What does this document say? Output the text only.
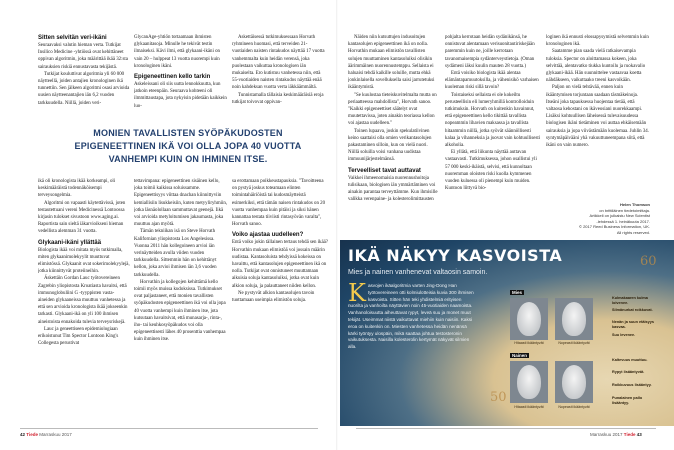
Sitten selvitän veri-ikäni

Seuraavaksi valutin hieman verta. Tutkijat Insilico Medicine -yhtiössä ovat kehittäneet oppivan algoritmin, joka määrittää ikää 32:sta sairauksien riskiä ennustavasta tekijästä.

Tutkijat kouluttivat algoritmia yli 60 000 näytteellä, joiden antajien kronologinen ikä tunnettiin. Sen jälkeen algoritmi osasi arvioida uusien näytteenantajien iän 6,2 vuoden tarkkuudella. Niillä, joiden veri-

GlycanAge-yhtiön tortaamaan ihmisten glykaanitasoja. Minulle he tekivät testin ilmaiseksi. Kävi ilmi, että glykaani-ikäni on vain 20 – hulppeat 13 vuotta nuorempi kuin kronologinen ikäni.

Epigeneettinen kello tarkin

Askeleissani oli siis uutta lennokkuutta, kun jatkoin eteenpäin. Seuraava kohteeni oli ilmmittaustapa, jota nykyisin pidetään kaikkein luo-

Äskettäisessä tutkimuksessaan Horvath ryhmineen huomasi, että terveiden 21-vuotiaiden naisten rintakudos näyttää 17 vuotta vanhemmalta kuin heidän verensä, joka puolestaan vaikuttaa kronologisen iän mukaiselta. Ero kutistuu vanhetessa niin, että 55-vuotiaiden naisten rintakudos näyttää enää noin kahdeksan vuotta verta iäkkäämmältä.

Tunnistamalla tällaisia keskimääräisiä eroja tutkijat toivovat oppivan-

MONIEN TAVALLISTEN SYÖPÄKUDOSTEN
EPIGENEETTINEN IKÄ VOI OLLA JOPA 40 VUOTTA
VANHEMPI KUIN ON IHMINEN ITSE.

ikä oli kronologista ikää korkeampi, oli keskimääräistä todennäköisempi terveysongelmia.

Algoritmi on vapaasti käytettävissä, joten testautettuani vereni Medicinessä Lontoossa kirjasin tulokset sivustoon www.aging.ai. Raportista sain sieltä iäkarvioikseni hieman vedellista alemman 31 vuotta.

Glykaani-ikäni yllättää

Biologista ikää voi mitata myös tutkimalla, miten glykaanimolekyylit muuttuvat elimistössä. Glykaanit ovat sokerimolekyylejä, jotka kiinnittyvät proteiineihin.

Äskettäin Gordan Lauc työtovereineen Zagrebin yliopistosta Kroatiasta havaitsi, että immunoglobuliini G -tyyppisten vasta-aineiden glykaaneissa muuttuu vanhetessa ja että sen arvioida kronologista ikää jokseenkin tarkasti. Glykaani-ikä on yli 100 ihmisen aineistoista ennakoida tulevia terveysriskejä.

Lauc ja geneettiseen epidemiologiaan erikoistunut Tim Spector Lontoon King's Collegesta perustivat

tettavimpana: epigeneettinen sisäinen kello, joka toimii kaikissa soluissamme. Epigeneettisyys viittaa dnachan kiinnittyviin kemiallisiin lisukkeisiin, kuten metyyliryhmiin, jotka läsnäolollaan sammuttavat geenejä. Iikä voi arvioida metyloitumisen jakaumasta, joka muuttuu ajan myötä.

Tämän tekniikan isä on Steve Horvath Kalifornian yliopistosta Los Angelesissa. Vuonna 2011 hän kollegoineen arvioi iän verinäytteiden avulla viiden vuoden tarkkuudella. Sittemmin hän on kehittänyt kellon, joka arvioi ihmisen iän 3,6 vuoden tarkkuudella.

Horvathin ja kollegojen kehittämä kello toimii myös muissa kudoksissa. Tutkimukset ovat paljastaneet, että monien tavallisten syöpäkudosten epigeneettinen ikä voi olla jopa 40 vuotta vanhempi kuin ihminen itse, jota kutsutaan havaitsivat, että munasarja-, rinta-, iho- tai keuhkosyöpäkudos voi olla epigeneettisesti lähes 40 prosenttia vanhempaa kuin ihminen itse.

sa erottamaan poikkeustapauksia. "Tavoitteena on pystyä joskus toteamaan elinten toimintahäiriöistä tai kudosmäytteistä esimerkiksi, että tämän naisen rintakudos on 20 vuotta vanhempaa kuin pitäisi ja siksi hänen kannattaa testata tiiviisti rintasyövän varalta", Horvath sanoo.

Voiko ajastaa uudelleen?

Entä voiko jokin tällainen tertaus tehdä sen ikää? Horvathin mukaan elimistöä voi jossain määrin uudistaa. Kantasoluista tehdyissä kokeissa on havaittu, että kantasolujen epigeneettinen ikä on nolla. Tutkijat ovat onnistuneet muuttamaan aikuisia soluja kantasoluiksi, jotka ovat kuin alkion soluja, ja palauttaneet niiden kellon.

Ne pystyvät alkion kantasolujen tavoin tuottamaan useimpia elimistön soluja.

Näiden niin kutsuttujen indusoitujen kantasolujen epigeneettinen ikä on nolla. Horvathin mukaan elimistön tavallisten solujen muuttaminen kantasoluiksi olisikin äärimmäinen nuorennustemppu. Sellaista ei haluaisi tehdä kaikille soluille, mutta ehkä jonkinlaisella sovelluksella saisi jarrutetuksi ikääntymistä.

"Se kuulostaa tieteiskuvitelmalta mutta on periaatteessa mahdollista", Horvath sanoo. "Kaikki epigeneettiset säätelyt ovat muutettavissa, joten ainakin teoriassa kellon voi ajastaa uudelleen."

Toinen lupaava, joskin spekulatiivinen keino saattaisi olla omien verikantasolujen pakastaminen silloin, kun on vielä nuori. Niillä soluilla voisi vanhana uudistaa immuunijärjestelmänsä.

Terveelliset tavat auttavat

Vaikkei ihmeenomaisia nuorennushoitoja tulisikaan, biologisen iän ymmärtäminen voi ainakin parantaa terveyttämme. Kun ihmisille valikka verenpaine- ja kolesterolimittausten

pohjalta kerrotaan heidän sydänikänsä, he onnistuvat alentamaan verisuonitautiriskejään paremmin kuin ne, joille kerrotaan tavanomaisempia sydänterveystietoja. (Oman sydämeni iäksi kuulin mauten 28 vuotta.)

Entä voisiko biologista ikää alentaa elämäntapamuutoksilla, ja vähenisikö varhaisen kuoleman riski sillä tavoin?

Toistaiseksi sellaista ei ole kokeiltu perusteellisin eli lumeryhmillä kontrolloiduin tutkimuksin. Horvath on kuitenkin havainnut, että epigeneettinen kello tikittää tavallista nopeammin lihavien maksassa ja tavallista hitaammin niillä, jotka syövät säännöllisesti kalaa ja vihanneksia ja juovat vain kohtuullisesti alkoholia.

Ei yllätä, että liikunta näyttää auttavan vastaavasti. Tutkimuksessa, johon osallistui yli 57 000 keski-ikäistä, selvisi, että kunnoltaan nuoremman oloisten riski kuolla kymmenen vuoden kuluessa oli pienempi kuin muiden. Kuntoon liittyvä bio-

loginen ikä ennusti elossapysymistä selvemmin kuin kronologinen ikä.

Saatamme pian saada vielä ratkaisevampia tuloksia. Spector on aloittamassa kokeen, joka selvittää, alentavatko tiukka kuntoilu ja ruokavalio glykaani-ikää. Hän suunnittelee vastaavaa koetta nähdäkseen, vaikuttaako treeni kasvoikään.

Paljon on vielä tehtävää, ennen kuin ikääntymisen torjuntaan saadaan täsmäkeinoja. Itseäni joka tapauksessa huojentaa tietää, että valtaosa kehostani on ikäveosiani nuorekkaampi. Lisäksi kohtuullisen läheisessä tulevaisuudessa biologisen ikäni tietäminen voi auttaa ehkäisemään sairauksia ja jopa viivästämään kuolemaa. Juhlin 34. syntymäpäivääni yhä vakuuttuneempana siitä, että ikäni on vain numero.

Helen Thomson
on brittiläinen tiedetoimittaja.
Artikkeli on julkaistu New Scientist
-lehdessä 1. heinäkuuta 2017.
© 2017 Reed Business Information, UK.
All rights reserved.
IKÄ NÄKYY KASVOISTA
Mies ja nainen vanhenevat valtaosin samoin.
Kasvojen ikäalgoritmia varten Jing-Dong Han työtovereineen otti kolmiulotteisia kuvia 300 ihmisen kasvoista. Sitten hän teki yhdistelmiä erityisen nuorilta ja vanhoilta näyttävien noin 45-vuotiaiden naamoista. Vanhanoloisuutta aiheuttavat rypyt, leveä suu ja monet muut tekijät. Useimmat niistä vaikuttavat miehiin kuin naisiin. Kaksi eroa on kuitenkin on. Miesten vanhetessa heidän nenänsä kärki työntyy ulospäin, mikä saattaa johtua testosteronin vaikutuksesta. Naisilla kolesterolin kertymät näkyvät silmien alla.
60
50
Mies
Hitaasti ikääntyvät	Nopeasti ikääntyvät
Nainen
Hitaasti ikääntyvät	Nopeasti ikääntyvät
Kulmakaaren kulma loivenee.
Silmänurkat roikkuvat.
Nenän ja suun etäisyys kasvaa.
Suu levenee.
Kaltevuus muuttuu.
Rypyt lisääntyvät.
Roikkuvuus lisääntyy.
Punalainen pallo lisääntyy.
42 Tiede Marraskuu 2017	Marraskuu 2017 Tiede 43
